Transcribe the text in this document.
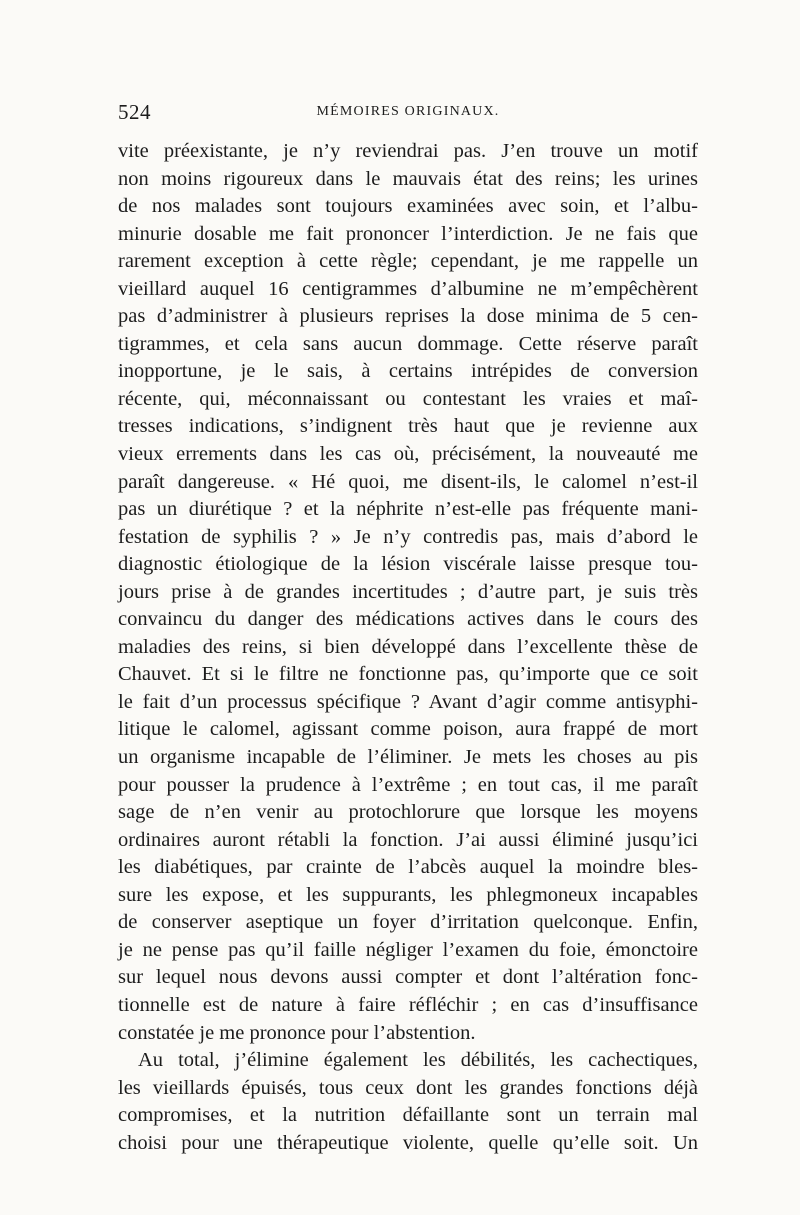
524	MÉMOIRES ORIGINAUX.
vite préexistante, je n’y reviendrai pas. J’en trouve un motif
non moins rigoureux dans le mauvais état des reins; les urines
de nos malades sont toujours examinées avec soin, et l’albu-
minurie dosable me fait prononcer l’interdiction. Je ne fais que
rarement exception à cette règle; cependant, je me rappelle un
vieillard auquel 16 centigrammes d’albumine ne m’empêchèrent
pas d’administrer à plusieurs reprises la dose minima de 5 cen-
tigrammes, et cela sans aucun dommage. Cette réserve paraît
inopportune, je le sais, à certains intrépides de conversion
récente, qui, méconnaissant ou contestant les vraies et maî-
tresses indications, s’indignent très haut que je revienne aux
vieux errements dans les cas où, précisément, la nouveauté me
paraît dangereuse. « Hé quoi, me disent-ils, le calomel n’est-il
pas un diurétique ? et la néphrite n’est-elle pas fréquente mani-
festation de syphilis ? » Je n’y contredis pas, mais d’abord le
diagnostic étiologique de la lésion viscérale laisse presque tou-
jours prise à de grandes incertitudes ; d’autre part, je suis très
convaincu du danger des médications actives dans le cours des
maladies des reins, si bien développé dans l’excellente thèse de
Chauvet. Et si le filtre ne fonctionne pas, qu’importe que ce soit
le fait d’un processus spécifique ? Avant d’agir comme antisyphi-
litique le calomel, agissant comme poison, aura frappé de mort
un organisme incapable de l’éliminer. Je mets les choses au pis
pour pousser la prudence à l’extrême ; en tout cas, il me paraît
sage de n’en venir au protochlorure que lorsque les moyens
ordinaires auront rétabli la fonction. J’ai aussi éliminé jusqu’ici
les diabétiques, par crainte de l’abcès auquel la moindre bles-
sure les expose, et les suppurants, les phlegmoneux incapables
de conserver aseptique un foyer d’irritation quelconque. Enfin,
je ne pense pas qu’il faille négliger l’examen du foie, émonctoire
sur lequel nous devons aussi compter et dont l’altération fonc-
tionnelle est de nature à faire réfléchir ; en cas d’insuffisance
constatée je me prononce pour l’abstention.
Au total, j’élimine également les débilités, les cachectiques,
les vieillards épuisés, tous ceux dont les grandes fonctions déjà
compromises, et la nutrition défaillante sont un terrain mal
choisi pour une thérapeutique violente, quelle qu’elle soit. Un
